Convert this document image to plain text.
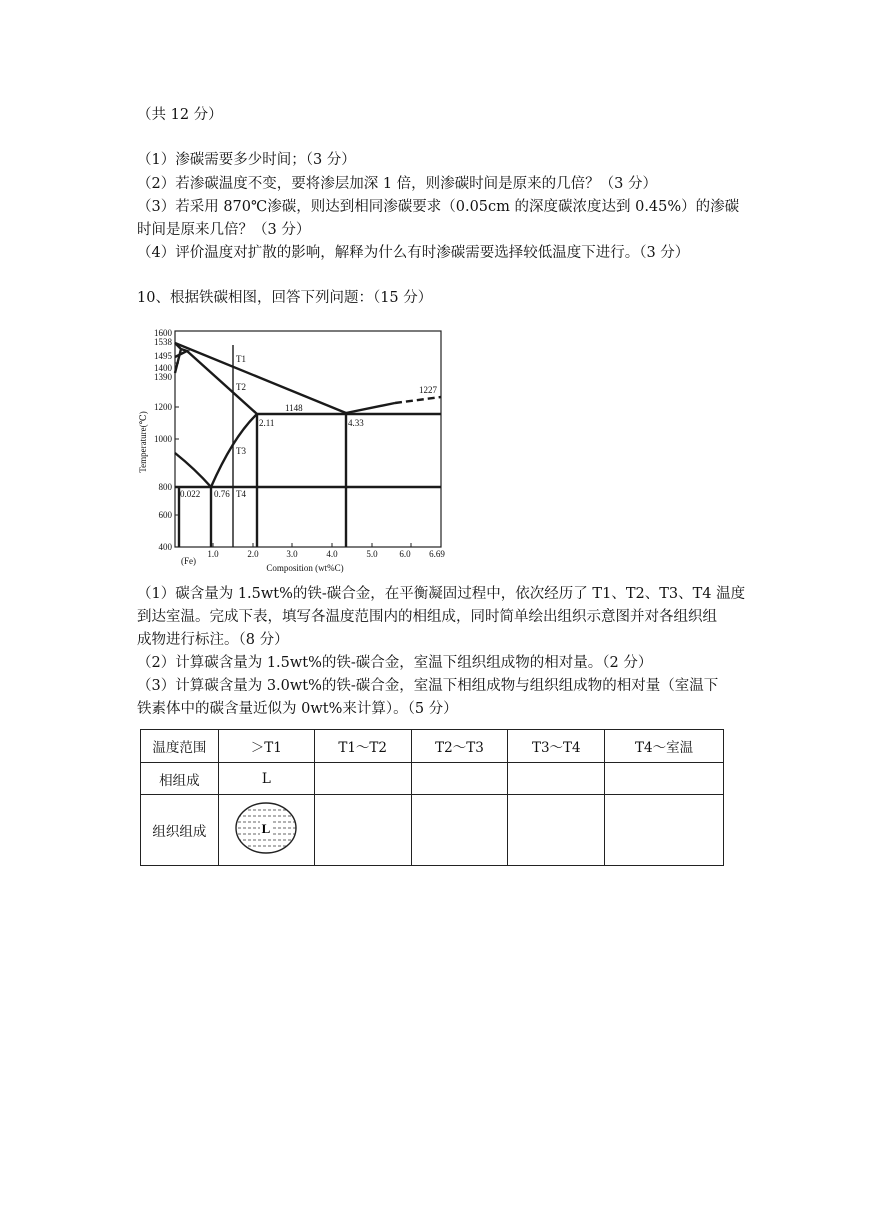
（共 12 分）
（1）渗碳需要多少时间；（3 分）
（2）若渗碳温度不变，要将渗层加深 1 倍，则渗碳时间是原来的几倍？（3 分）
（3）若采用 870℃渗碳，则达到相同渗碳要求（0.05cm 的深度碳浓度达到 0.45%）的渗碳
时间是原来几倍？（3 分）
（4）评价温度对扩散的影响，解释为什么有时渗碳需要选择较低温度下进行。（3 分）
10、根据铁碳相图，回答下列问题：（15 分）
1600
1538
1495
1400
1390
1200
1000
800
600
400
1.0	2.0	3.0	4.0	5.0	6.69
6.0
(Fe)
Composition (wt%C)
Temperature(℃)
1227
1148
2.11	4.33
0.022 0.76
T1
T2
T3
T4
（1）碳含量为 1.5wt%的铁-碳合金，在平衡凝固过程中，依次经历了 T1、T2、T3、T4 温度
到达室温。完成下表，填写各温度范围内的相组成，同时简单绘出组织示意图并对各组织组
成物进行标注。（8 分）
（2）计算碳含量为 1.5wt%的铁-碳合金，室温下组织组成物的相对量。（2 分）
（3）计算碳含量为 3.0wt%的铁-碳合金，室温下相组成物与组织组成物的相对量（室温下
铁素体中的碳含量近似为 0wt%来计算）。（5 分）
温度范围	＞T1	T1～T2	T2～T3	T3～T4	T4～室温
相组成	L				
组织组成	L				
